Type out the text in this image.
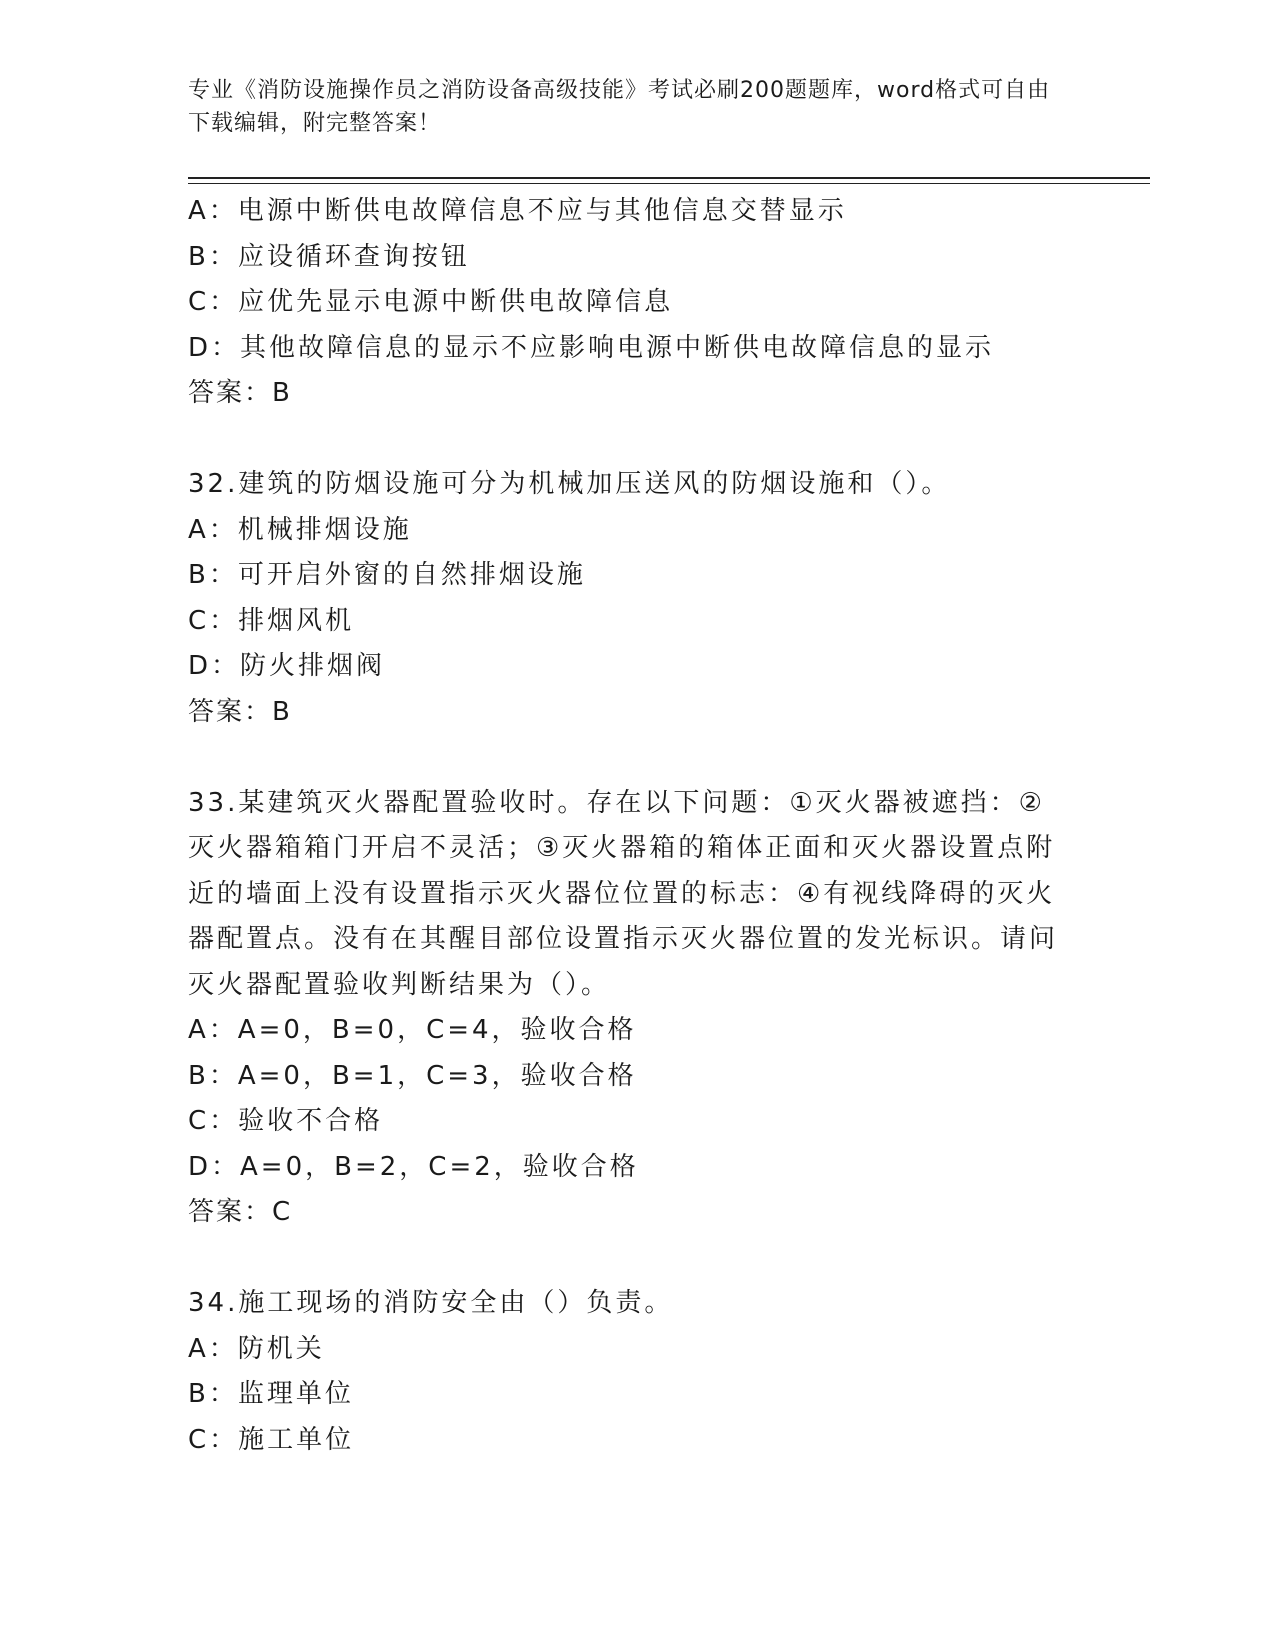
专业《消防设施操作员之消防设备高级技能》考试必刷200题题库，word格式可自由下载编辑，附完整答案！
A：电源中断供电故障信息不应与其他信息交替显示
B：应设循环查询按钮
C：应优先显示电源中断供电故障信息
D：其他故障信息的显示不应影响电源中断供电故障信息的显示
答案：B
32.建筑的防烟设施可分为机械加压送风的防烟设施和（）。
A：机械排烟设施
B：可开启外窗的自然排烟设施
C：排烟风机
D：防火排烟阀
答案：B
33.某建筑灭火器配置验收时。存在以下问题：①灭火器被遮挡：②灭火器箱箱门开启不灵活；③灭火器箱的箱体正面和灭火器设置点附近的墙面上没有设置指示灭火器位位置的标志：④有视线降碍的灭火器配置点。没有在其醒目部位设置指示灭火器位置的发光标识。请问灭火器配置验收判断结果为（）。
A：A=0，B=0，C=4，验收合格
B：A=0，B=1，C=3，验收合格
C：验收不合格
D：A=0，B=2，C=2，验收合格
答案：C
34.施工现场的消防安全由（）负责。
A：防机关
B：监理单位
C：施工单位
